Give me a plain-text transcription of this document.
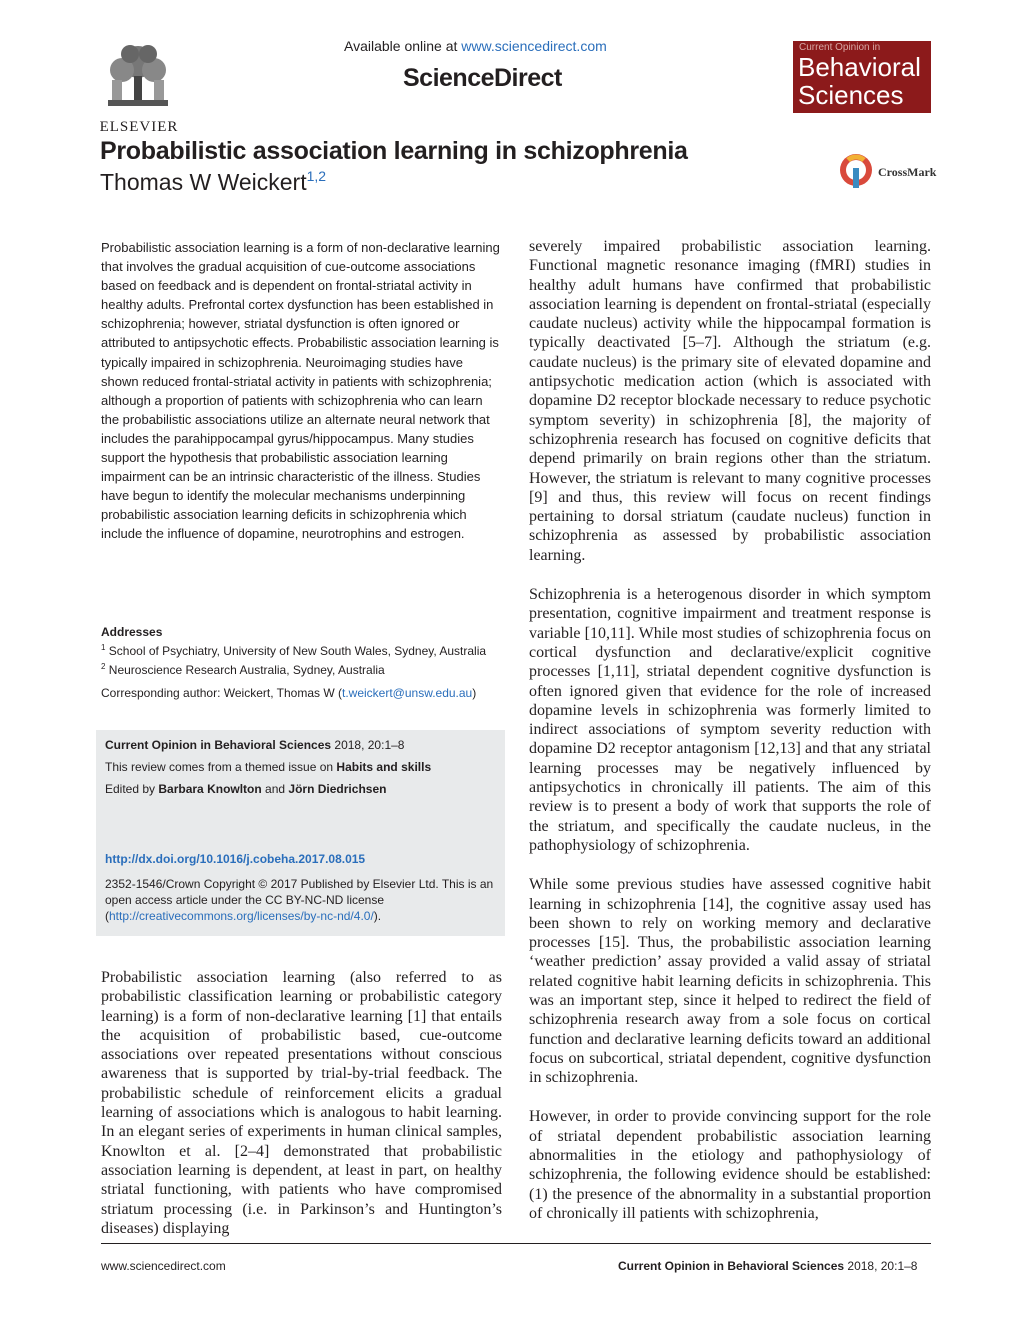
ELSEVIER
Available online at www.sciencedirect.com
ScienceDirect
Current Opinion in
Behavioral
Sciences
Probabilistic association learning in schizophrenia
Thomas W Weickert$^{1,2}$	CrossMark
Probabilistic association learning is a form of non-declarative learning that involves the gradual acquisition of cue-outcome associations based on feedback and is dependent on frontal-striatal activity in healthy adults. Prefrontal cortex dysfunction has been established in schizophrenia; however, striatal dysfunction is often ignored or attributed to antipsychotic effects. Probabilistic association learning is typically impaired in schizophrenia. Neuroimaging studies have shown reduced frontal-striatal activity in patients with schizophrenia; although a proportion of patients with schizophrenia who can learn the probabilistic associations utilize an alternate neural network that includes the parahippocampal gyrus/hippocampus. Many studies support the hypothesis that probabilistic association learning impairment can be an intrinsic characteristic of the illness. Studies have begun to identify the molecular mechanisms underpinning probabilistic association learning deficits in schizophrenia which include the influence of dopamine, neurotrophins and estrogen.
Addresses
$^1$ School of Psychiatry, University of New South Wales, Sydney, Australia
$^2$ Neuroscience Research Australia, Sydney, Australia
Corresponding author: Weickert, Thomas W (t.weickert@unsw.edu.au)
Current Opinion in Behavioral Sciences 2018, 20:1–8
This review comes from a themed issue on Habits and skills
Edited by Barbara Knowlton and Jörn Diedrichsen
http://dx.doi.org/10.1016/j.cobeha.2017.08.015
2352-1546/Crown Copyright © 2017 Published by Elsevier Ltd. This is an open access article under the CC BY-NC-ND license (http://creativecommons.org/licenses/by-nc-nd/4.0/).
Probabilistic association learning (also referred to as probabilistic classification learning or probabilistic category learning) is a form of non-declarative learning [1] that entails the acquisition of probabilistic based, cue-outcome associations over repeated presentations without conscious awareness that is supported by trial-by-trial feedback. The probabilistic schedule of reinforcement elicits a gradual learning of associations which is analogous to habit learning. In an elegant series of experiments in human clinical samples, Knowlton et al. [2–4] demonstrated that probabilistic association learning is dependent, at least in part, on healthy striatal functioning, with patients who have compromised striatum processing (i.e. in Parkinson’s and Huntington’s diseases) displaying

severely impaired probabilistic association learning. Functional magnetic resonance imaging (fMRI) studies in healthy adult humans have confirmed that probabilistic association learning is dependent on frontal-striatal (especially caudate nucleus) activity while the hippocampal formation is typically deactivated [5–7]. Although the striatum (e.g. caudate nucleus) is the primary site of elevated dopamine and antipsychotic medication action (which is associated with dopamine D2 receptor blockade necessary to reduce psychotic symptom severity) in schizophrenia [8], the majority of schizophrenia research has focused on cognitive deficits that depend primarily on brain regions other than the striatum. However, the striatum is relevant to many cognitive processes [9] and thus, this review will focus on recent findings pertaining to dorsal striatum (caudate nucleus) function in schizophrenia as assessed by probabilistic association learning.

Schizophrenia is a heterogenous disorder in which symptom presentation, cognitive impairment and treatment response is variable [10,11]. While most studies of schizophrenia focus on cortical dysfunction and declarative/explicit cognitive processes [1,11], striatal dependent cognitive dysfunction is often ignored given that evidence for the role of increased dopamine levels in schizophrenia was formerly limited to indirect associations of symptom severity reduction with dopamine D2 receptor antagonism [12,13] and that any striatal learning processes may be negatively influenced by antipsychotics in chronically ill patients. The aim of this review is to present a body of work that supports the role of the striatum, and specifically the caudate nucleus, in the pathophysiology of schizophrenia.

While some previous studies have assessed cognitive habit learning in schizophrenia [14], the cognitive assay used has been shown to rely on working memory and declarative processes [15]. Thus, the probabilistic association learning ‘weather prediction’ assay provided a valid assay of striatal related cognitive habit learning deficits in schizophrenia. This was an important step, since it helped to redirect the field of schizophrenia research away from a sole focus on cortical function and declarative learning deficits toward an additional focus on subcortical, striatal dependent, cognitive dysfunction in schizophrenia.

However, in order to provide convincing support for the role of striatal dependent probabilistic association learning abnormalities in the etiology and pathophysiology of schizophrenia, the following evidence should be established: (1) the presence of the abnormality in a substantial proportion of chronically ill patients with schizophrenia,

www.sciencedirect.com	Current Opinion in Behavioral Sciences 2018, 20:1–8
